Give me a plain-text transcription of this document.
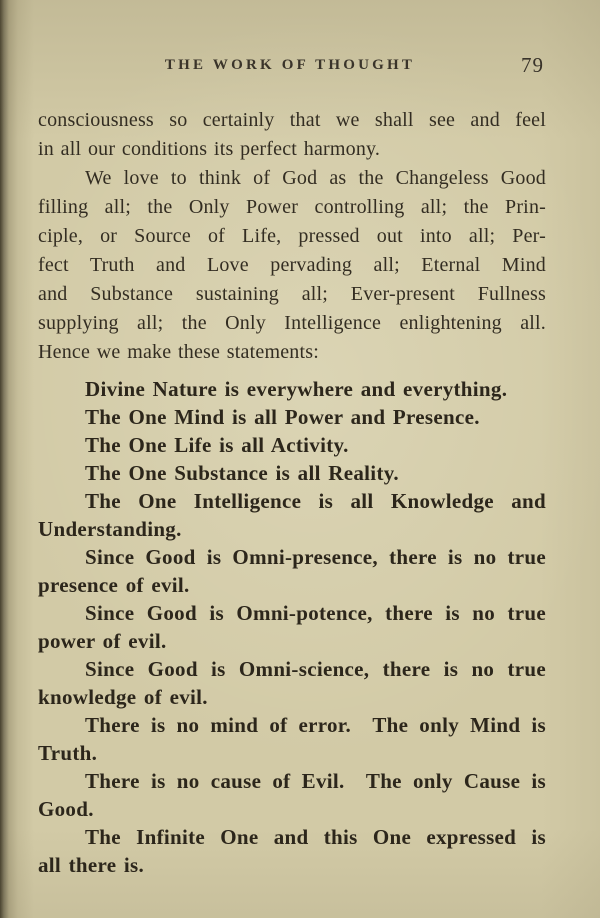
THE WORK OF THOUGHT	79

consciousness so certainly that we shall see and feel
in all our conditions its perfect harmony.

We love to think of God as the Changeless Good
filling all; the Only Power controlling all; the Prin-
ciple, or Source of Life, pressed out into all; Per-
fect Truth and Love pervading all; Eternal Mind
and Substance sustaining all; Ever-present Fullness
supplying all; the Only Intelligence enlightening all.
Hence we make these statements:

Divine Nature is everywhere and everything.

The One Mind is all Power and Presence.

The One Life is all Activity.

The One Substance is all Reality.

The One Intelligence is all Knowledge and
Understanding.

Since Good is Omni-presence, there is no true
presence of evil.

Since Good is Omni-potence, there is no true
power of evil.

Since Good is Omni-science, there is no true
knowledge of evil.

There is no mind of error. The only Mind is
Truth.

There is no cause of Evil. The only Cause is
Good.

The Infinite One and this One expressed is
all there is.
